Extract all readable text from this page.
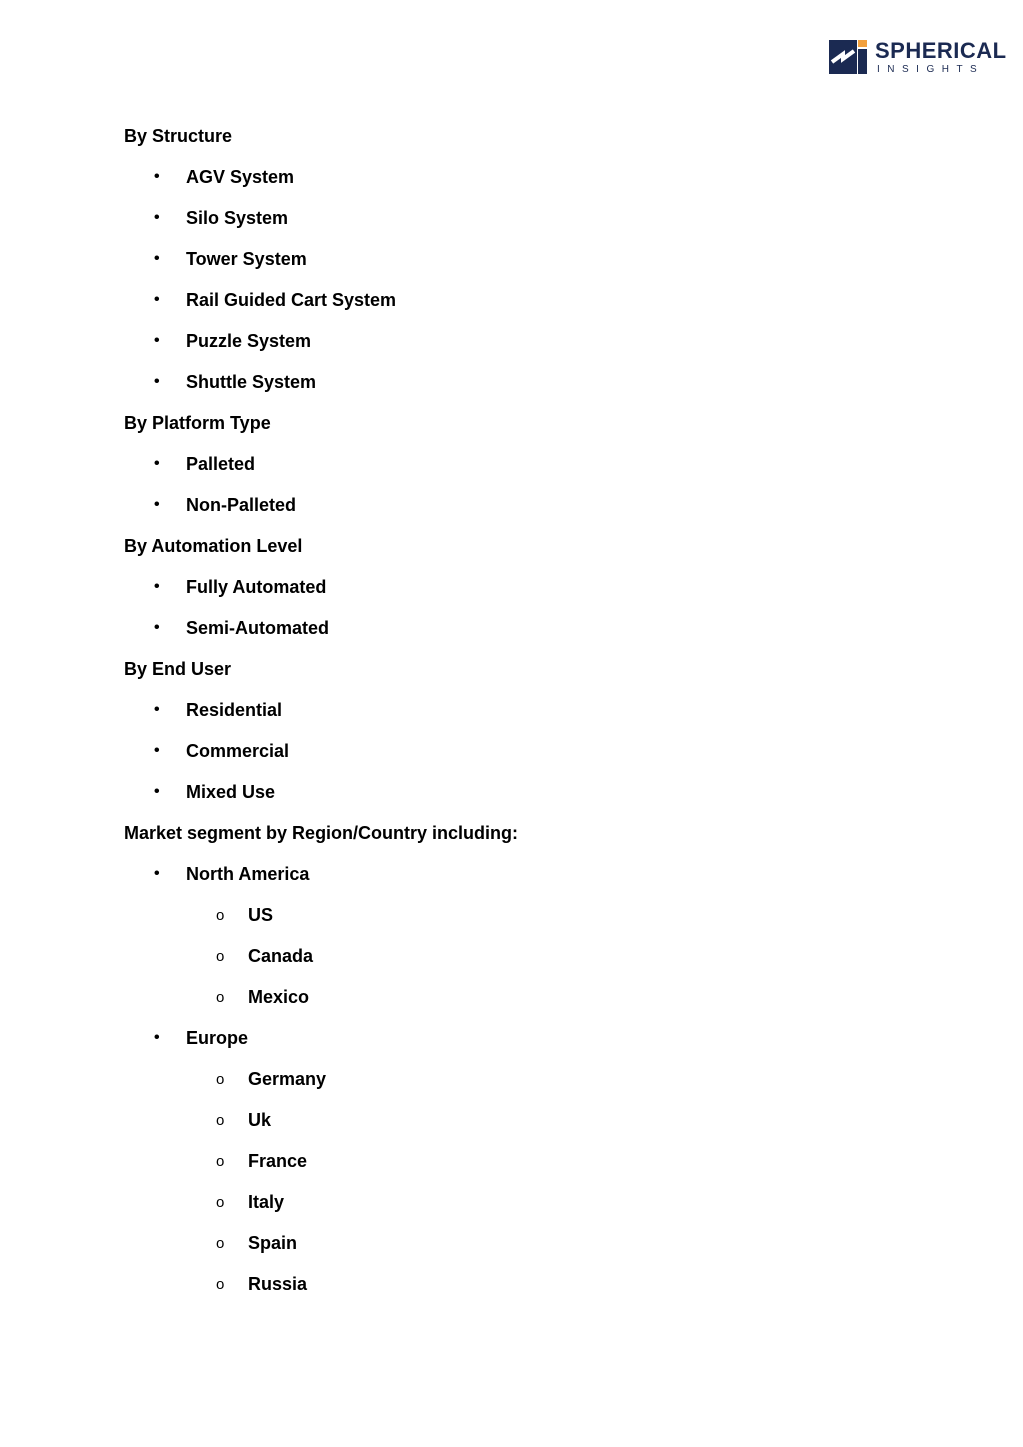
SPHERICAL
INSIGHTS

By Structure

• AGV System
• Silo System
• Tower System
• Rail Guided Cart System
• Puzzle System
• Shuttle System

By Platform Type

• Palleted
• Non-Palleted

By Automation Level

• Fully Automated
• Semi-Automated

By End User

• Residential
• Commercial
• Mixed Use

Market segment by Region/Country including:

• North America
o US
o Canada
o Mexico
• Europe
o Germany
o Uk
o France
o Italy
o Spain
o Russia
